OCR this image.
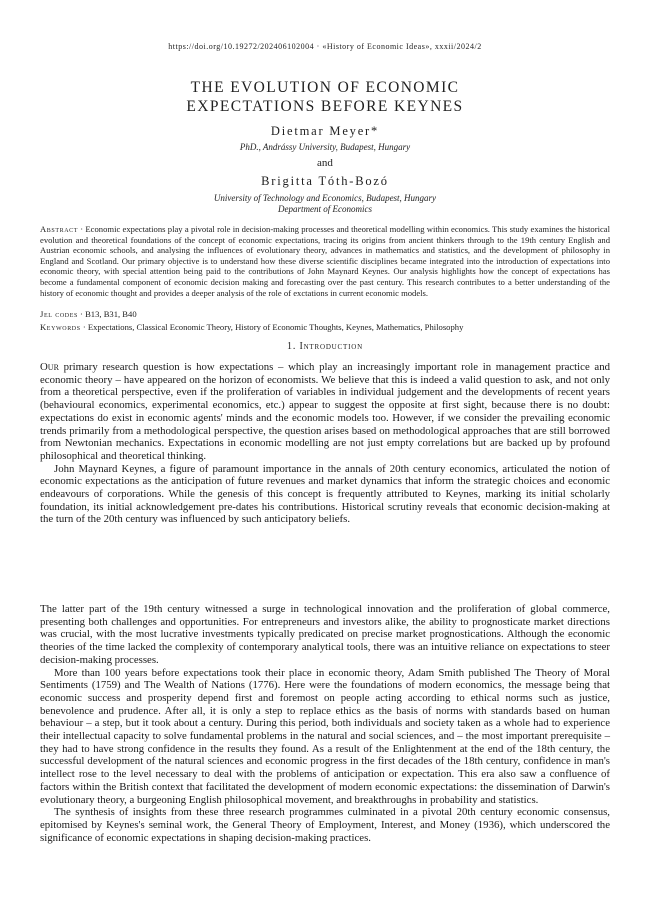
https://doi.org/10.19272/202406102004 · «History of Economic Ideas», xxxii/2024/2
THE EVOLUTION OF ECONOMIC
EXPECTATIONS BEFORE KEYNES
Dietmar Meyer*
PhD., Andrássy University, Budapest, Hungary
and
Brigitta Tóth-Bozó
University of Technology and Economics, Budapest, Hungary
Department of Economics
Abstract · Economic expectations play a pivotal role in decision-making processes and theoretical modelling within economics. This study examines the historical evolution and theoretical foundations of the concept of economic expectations, tracing its origins from ancient thinkers through to the 19th century English and Austrian economic schools, and analysing the influences of evolutionary theory, advances in mathematics and statistics, and the development of philosophy in England and Scotland. Our primary objective is to understand how these diverse scientific disciplines became integrated into the introduction of expectations into economic theory, with special attention being paid to the contributions of John Maynard Keynes. Our analysis highlights how the concept of expectations has become a fundamental component of economic decision making and forecasting over the past century. This research contributes to a better understanding of the history of economic thought and provides a deeper analysis of the role of exctations in current economic models.
Jel codes · B13, B31, B40
Keywords · Expectations, Classical Economic Theory, History of Economic Thoughts, Keynes, Mathematics, Philosophy
1. Introduction

Our primary research question is how expectations – which play an increasingly important role in management practice and economic theory – have appeared on the horizon of economists. We believe that this is indeed a valid question to ask, and not only from a theoretical perspective, even if the proliferation of variables in individual judgement and the developments of recent years (behavioural economics, experimental economics, etc.) appear to suggest the opposite at first sight, because there is no doubt: expectations do exist in economic agents' minds and the economic models too. However, if we consider the prevailing economic trends primarily from a methodological perspective, the question arises based on methodological approaches that are still borrowed from Newtonian mechanics. Expectations in economic modelling are not just empty correlations but are backed up by profound philosophical and theoretical thinking.

John Maynard Keynes, a figure of paramount importance in the annals of 20th century economics, articulated the notion of economic expectations as the anticipation of future revenues and market dynamics that inform the strategic choices and economic endeavours of corporations. While the genesis of this concept is frequently attributed to Keynes, marking its initial scholarly foundation, its initial acknowledgement pre-dates his contributions. Historical scrutiny reveals that economic decision-making at the turn of the 20th century was influenced by such anticipatory beliefs.

The latter part of the 19th century witnessed a surge in technological innovation and the proliferation of global commerce, presenting both challenges and opportunities. For entrepreneurs and investors alike, the ability to prognosticate market directions was crucial, with the most lucrative investments typically predicated on precise market prognostications. Although the economic theories of the time lacked the complexity of contemporary analytical tools, there was an intuitive reliance on expectations to steer decision-making processes.

More than 100 years before expectations took their place in economic theory, Adam Smith published The Theory of Moral Sentiments (1759) and The Wealth of Nations (1776). Here were the foundations of modern economics, the message being that economic success and prosperity depend first and foremost on people acting according to ethical norms such as justice, benevolence and prudence. After all, it is only a step to replace ethics as the basis of norms with standards based on human behaviour – a step, but it took about a century. During this period, both individuals and society taken as a whole had to experience their intellectual capacity to solve fundamental problems in the natural and social sciences, and – the most important prerequisite – they had to have strong confidence in the results they found. As a result of the Enlightenment at the end of the 18th century, the successful development of the natural sciences and economic progress in the first decades of the 18th century, confidence in man's intellect rose to the level necessary to deal with the problems of anticipation or expectation. This era also saw a confluence of factors within the British context that facilitated the development of modern economic expectations: the dissemination of Darwin's evolutionary theory, a burgeoning English philosophical movement, and breakthroughs in probability and statistics.

The synthesis of insights from these three research programmes culminated in a pivotal 20th century economic consensus, epitomised by Keynes's seminal work, the General Theory of Employment, Interest, and Money (1936), which underscored the significance of economic expectations in shaping decision-making practices.
